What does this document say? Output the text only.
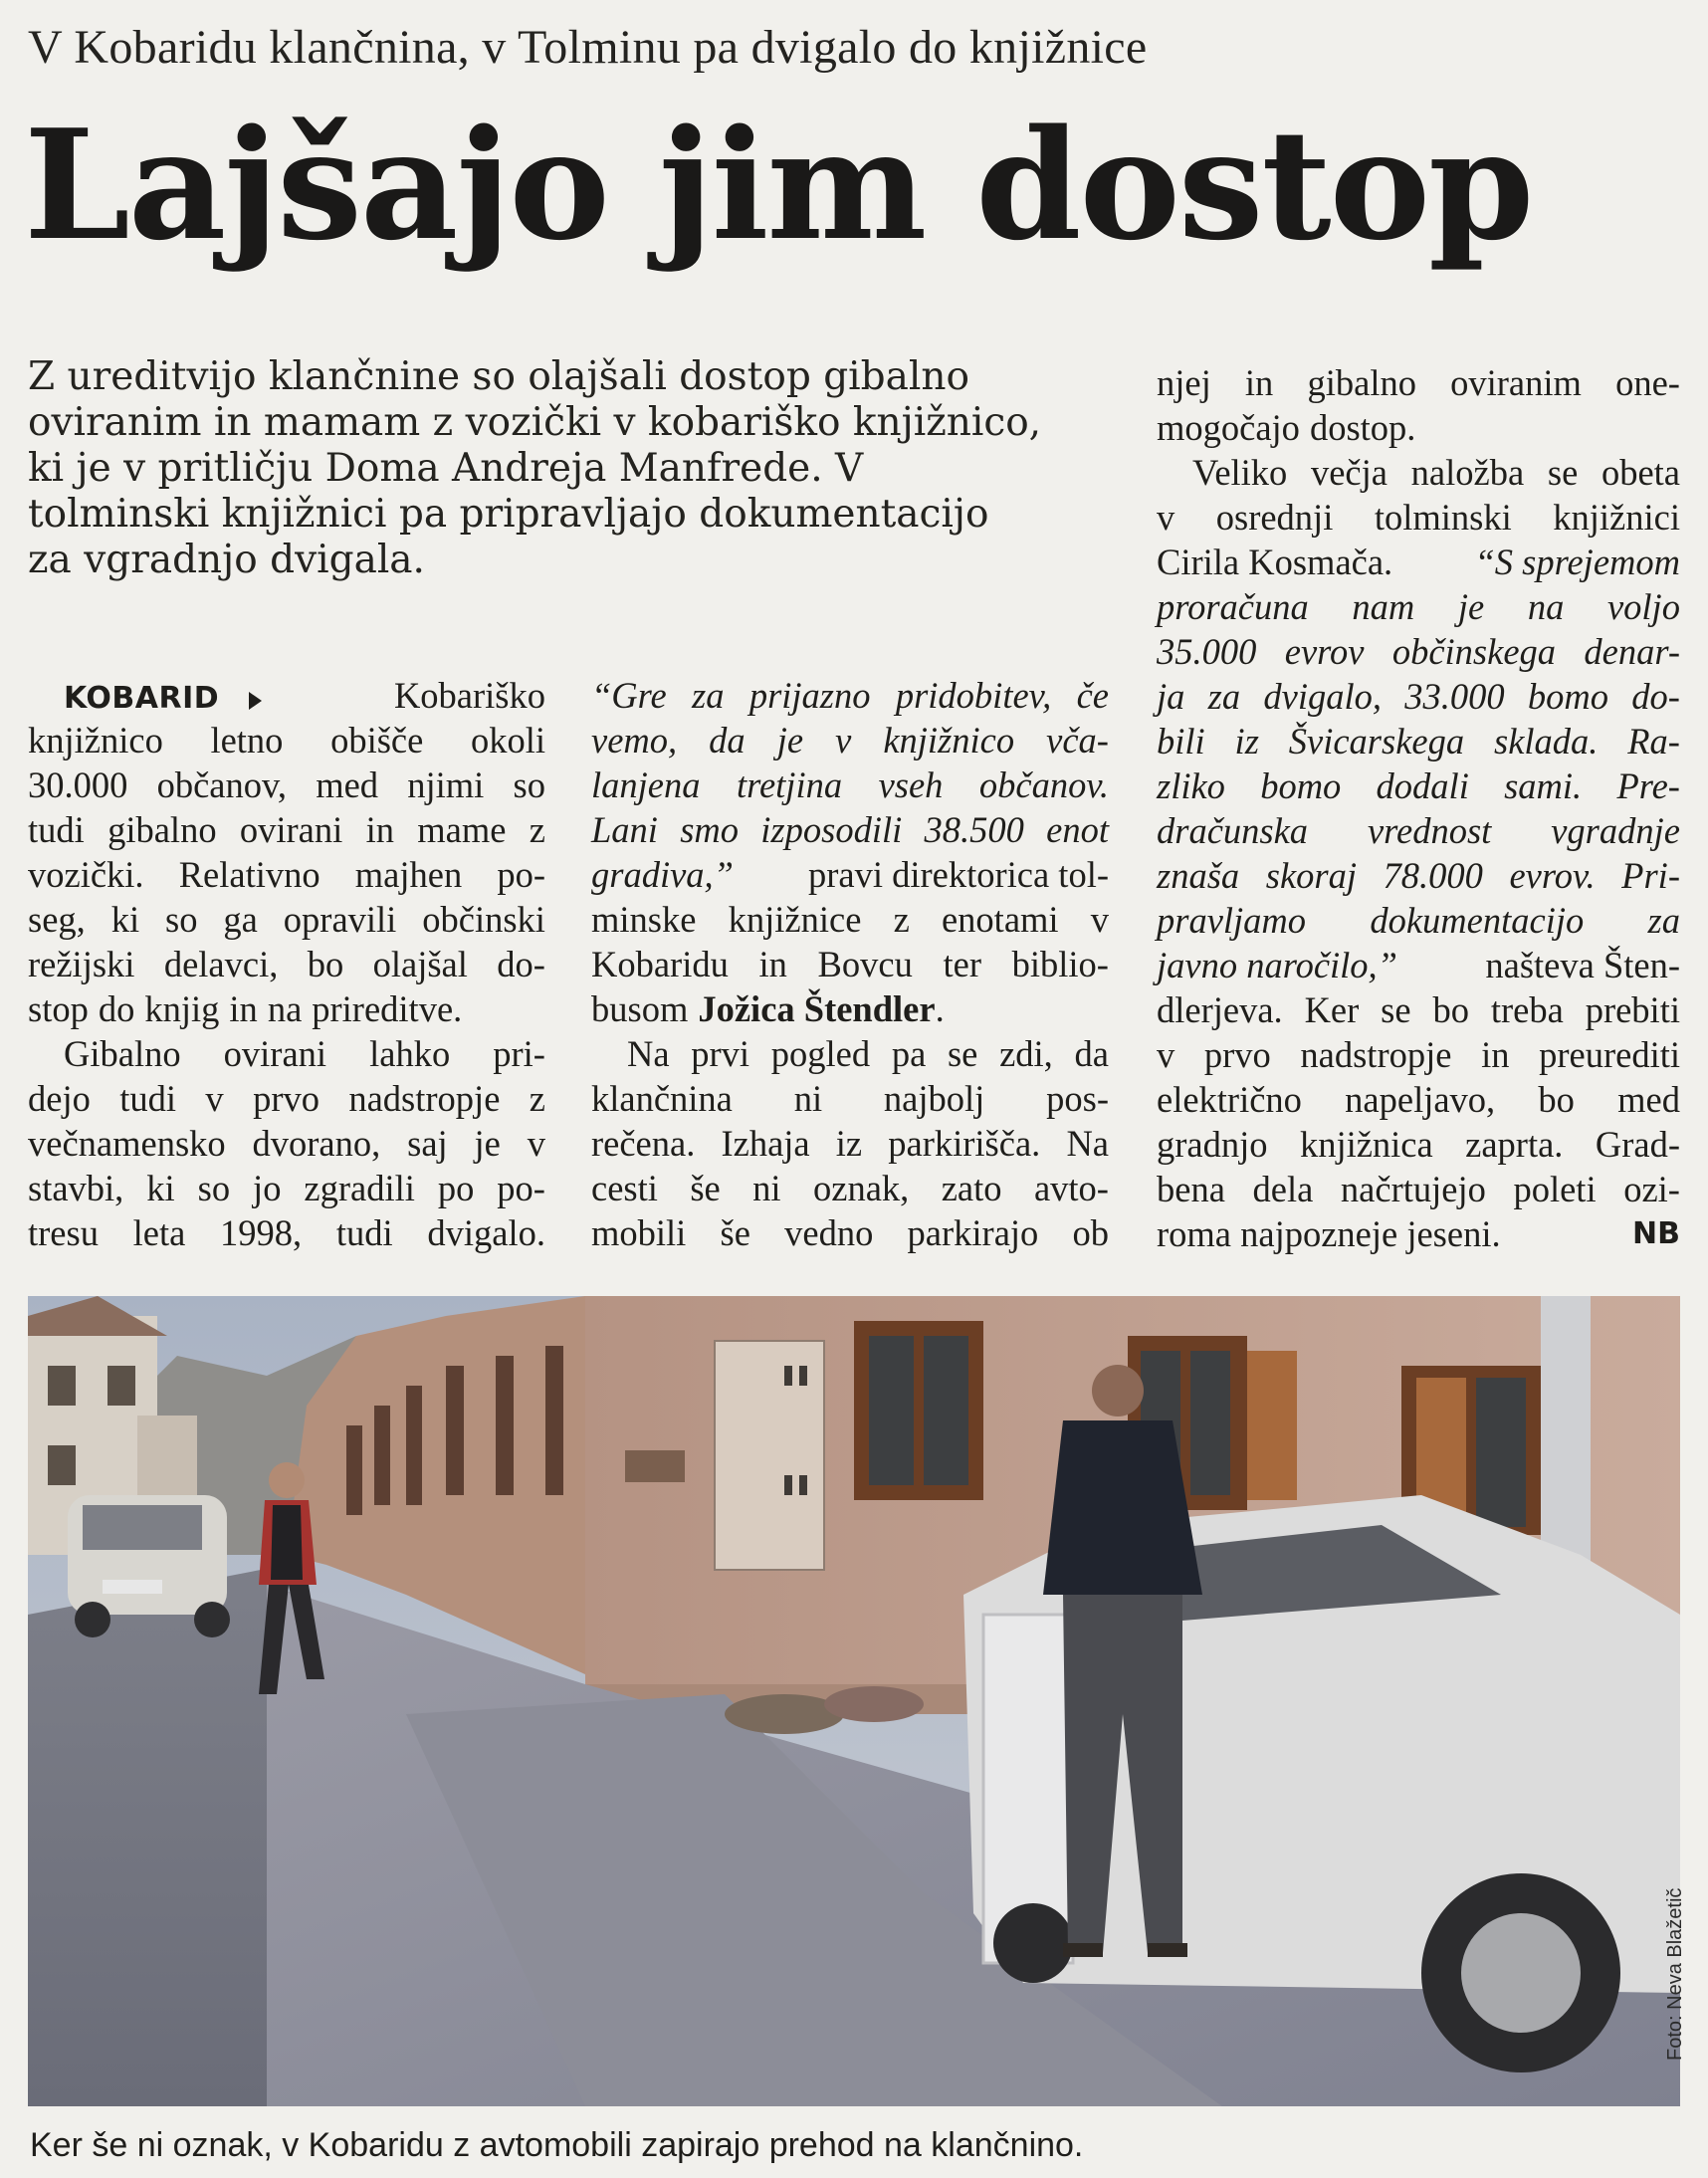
V Kobaridu klančnina, v Tolminu pa dvigalo do knjižnice
Lajšajo jim dostop
Z ureditvijo klančnine so olajšali dostop gibalno
oviranim in mamam z vozički v kobariško knjižnico,
ki je v pritličju Doma Andreja Manfrede. V
tolminski knjižnici pa pripravljajo dokumentacijo
za vgradnjo dvigala.
KOBARID	Kobariško
knjižnico letno obišče okoli
30.000 občanov, med njimi so
tudi gibalno ovirani in mame z
vozički. Relativno majhen po-
seg, ki so ga opravili občinski
režijski delavci, bo olajšal do-
stop do knjig in na prireditve.
Gibalno ovirani lahko pri-
dejo tudi v prvo nadstropje z
večnamensko dvorano, saj je v
stavbi, ki so jo zgradili po po-
tresu leta 1998, tudi dvigalo.
“Gre za prijazno pridobitev, če
vemo, da je v knjižnico vča-
lanjena tretjina vseh občanov.
Lani smo izposodili 38.500 enot
gradiva,” pravi direktorica tol-
minske knjižnice z enotami v
Kobaridu in Bovcu ter biblio-
busom Jožica Štendler .
Na prvi pogled pa se zdi, da
klančnina ni najbolj pos-
rečena. Izhaja iz parkirišča. Na
cesti še ni oznak, zato avto-
mobili še vedno parkirajo ob
njej in gibalno oviranim one-
mogočajo dostop.
Veliko večja naložba se obeta
v osrednji tolminski knjižnici
Cirila Kosmača. “S sprejemom
proračuna nam je na voljo
35.000 evrov občinskega denar-
ja za dvigalo, 33.000 bomo do-
bili iz Švicarskega sklada. Ra-
zliko bomo dodali sami. Pre-
dračunska vrednost vgradnje
znaša skoraj 78.000 evrov. Pri-
pravljamo dokumentacijo za
javno naročilo,” našteva Šten-
dlerjeva. Ker se bo treba prebiti
v prvo nadstropje in preurediti
električno napeljavo, bo med
gradnjo knjižnica zaprta. Grad-
bena dela načrtujejo poleti ozi-
roma najpozneje jeseni.	NB
Foto: Neva Blažetič
Ker še ni oznak, v Kobaridu z avtomobili zapirajo prehod na klančnino.
